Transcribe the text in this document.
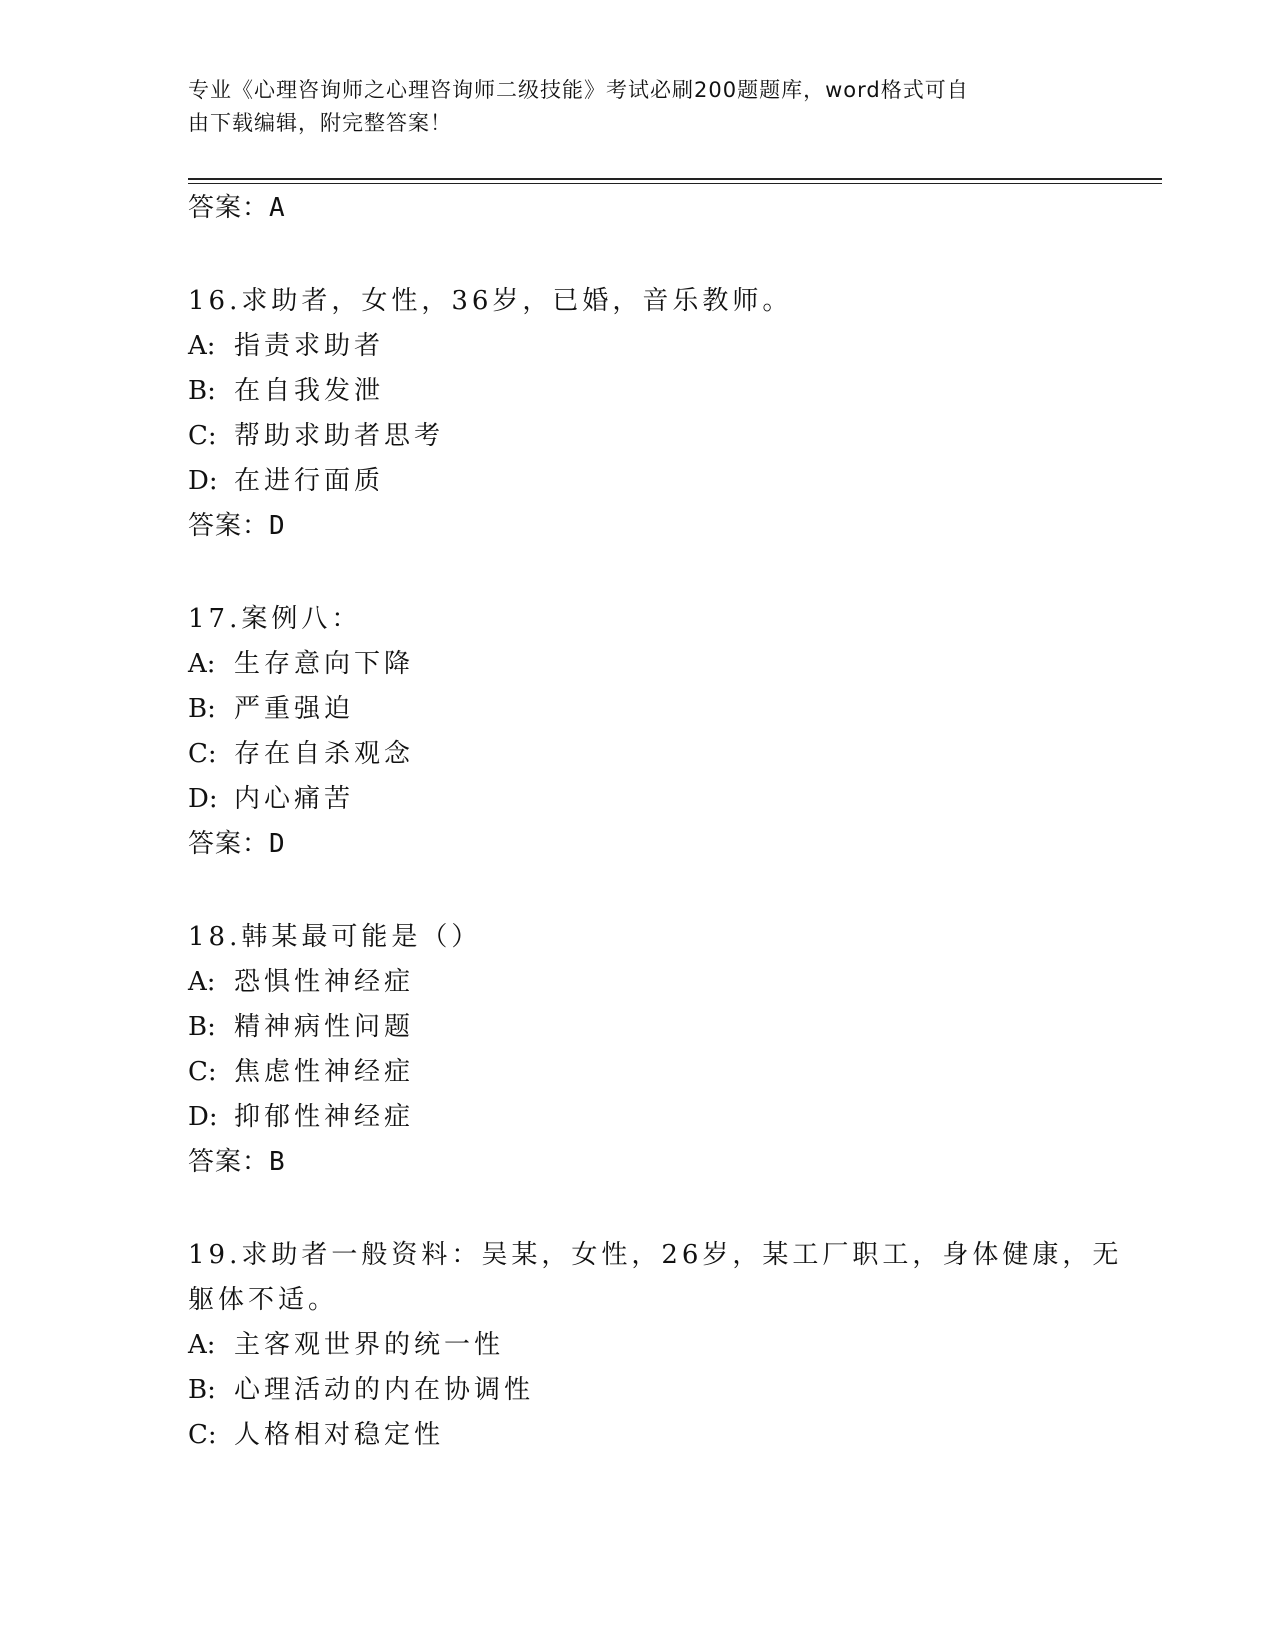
专业《心理咨询师之心理咨询师二级技能》考试必刷200题题库，word格式可自
由下载编辑，附完整答案！
答案：A
16.求助者，女性，36岁，已婚，音乐教师。
A: 指责求助者
B: 在自我发泄
C: 帮助求助者思考
D: 在进行面质
答案：D
17.案例八：
A: 生存意向下降
B: 严重强迫
C: 存在自杀观念
D: 内心痛苦
答案：D
18.韩某最可能是（）
A: 恐惧性神经症
B: 精神病性问题
C: 焦虑性神经症
D: 抑郁性神经症
答案：B
19.求助者一般资料：吴某，女性，26岁，某工厂职工，身体健康，无
躯体不适。
A: 主客观世界的统一性
B: 心理活动的内在协调性
C: 人格相对稳定性
